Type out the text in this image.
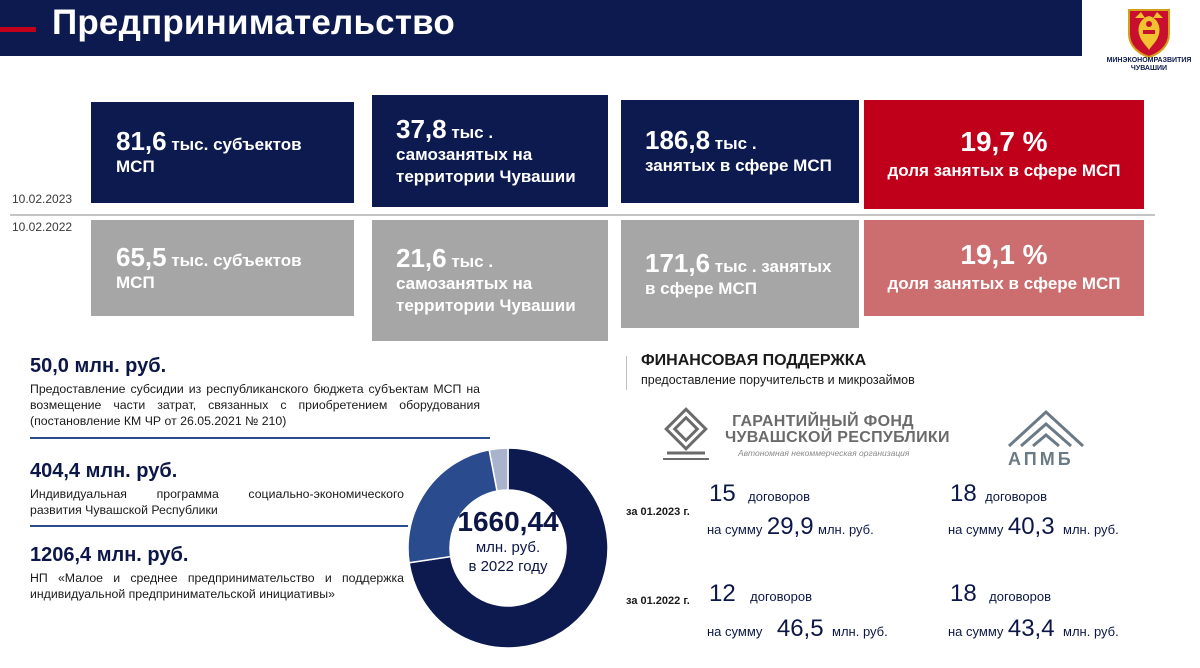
Предпринимательство
МИНЭКОНОМРАЗВИТИЯ ЧУВАШИИ
10.02.2023
10.02.2022
81,6 тыс. субъектов
МСП
37,8 тыс .
самозанятых на
территории Чувашии
186,8 тыс .
занятых в сфере МСП
19,7 %
доля занятых в сфере МСП
65,5 тыс. субъектов
МСП
21,6 тыс .
самозанятых на
территории Чувашии
171,6 тыс . занятых
в сфере МСП
19,1 %
доля занятых в сфере МСП
50,0 млн. руб.
Предоставление субсидии из республиканского бюджета субъектам МСП на возмещение части затрат, связанных с приобретением оборудования (постановление КМ ЧР от 26.05.2021 № 210)
404,4 млн. руб.
Индивидуальная программа социально-экономического развития Чувашской Республики
1206,4 млн. руб.
НП «Малое и среднее предпринимательство и поддержка индивидуальной предпринимательской инициативы»
1660,44
млн. руб.
в 2022 году
ФИНАНСОВАЯ ПОДДЕРЖКА
предоставление поручительств и микрозаймов
ГАРАНТИЙНЫЙ ФОНД
ЧУВАШСКОЙ РЕСПУБЛИКИ
Автономная некоммерческая организация	АПМБ
за 01.2023 г.
за 01.2022 г.
15 договоров
на сумму 29,9 млн. руб.
18 договоров
на сумму 40,3 млн. руб.
12 договоров
на сумму 46,5 млн. руб.
18 договоров
на сумму 43,4 млн. руб.
